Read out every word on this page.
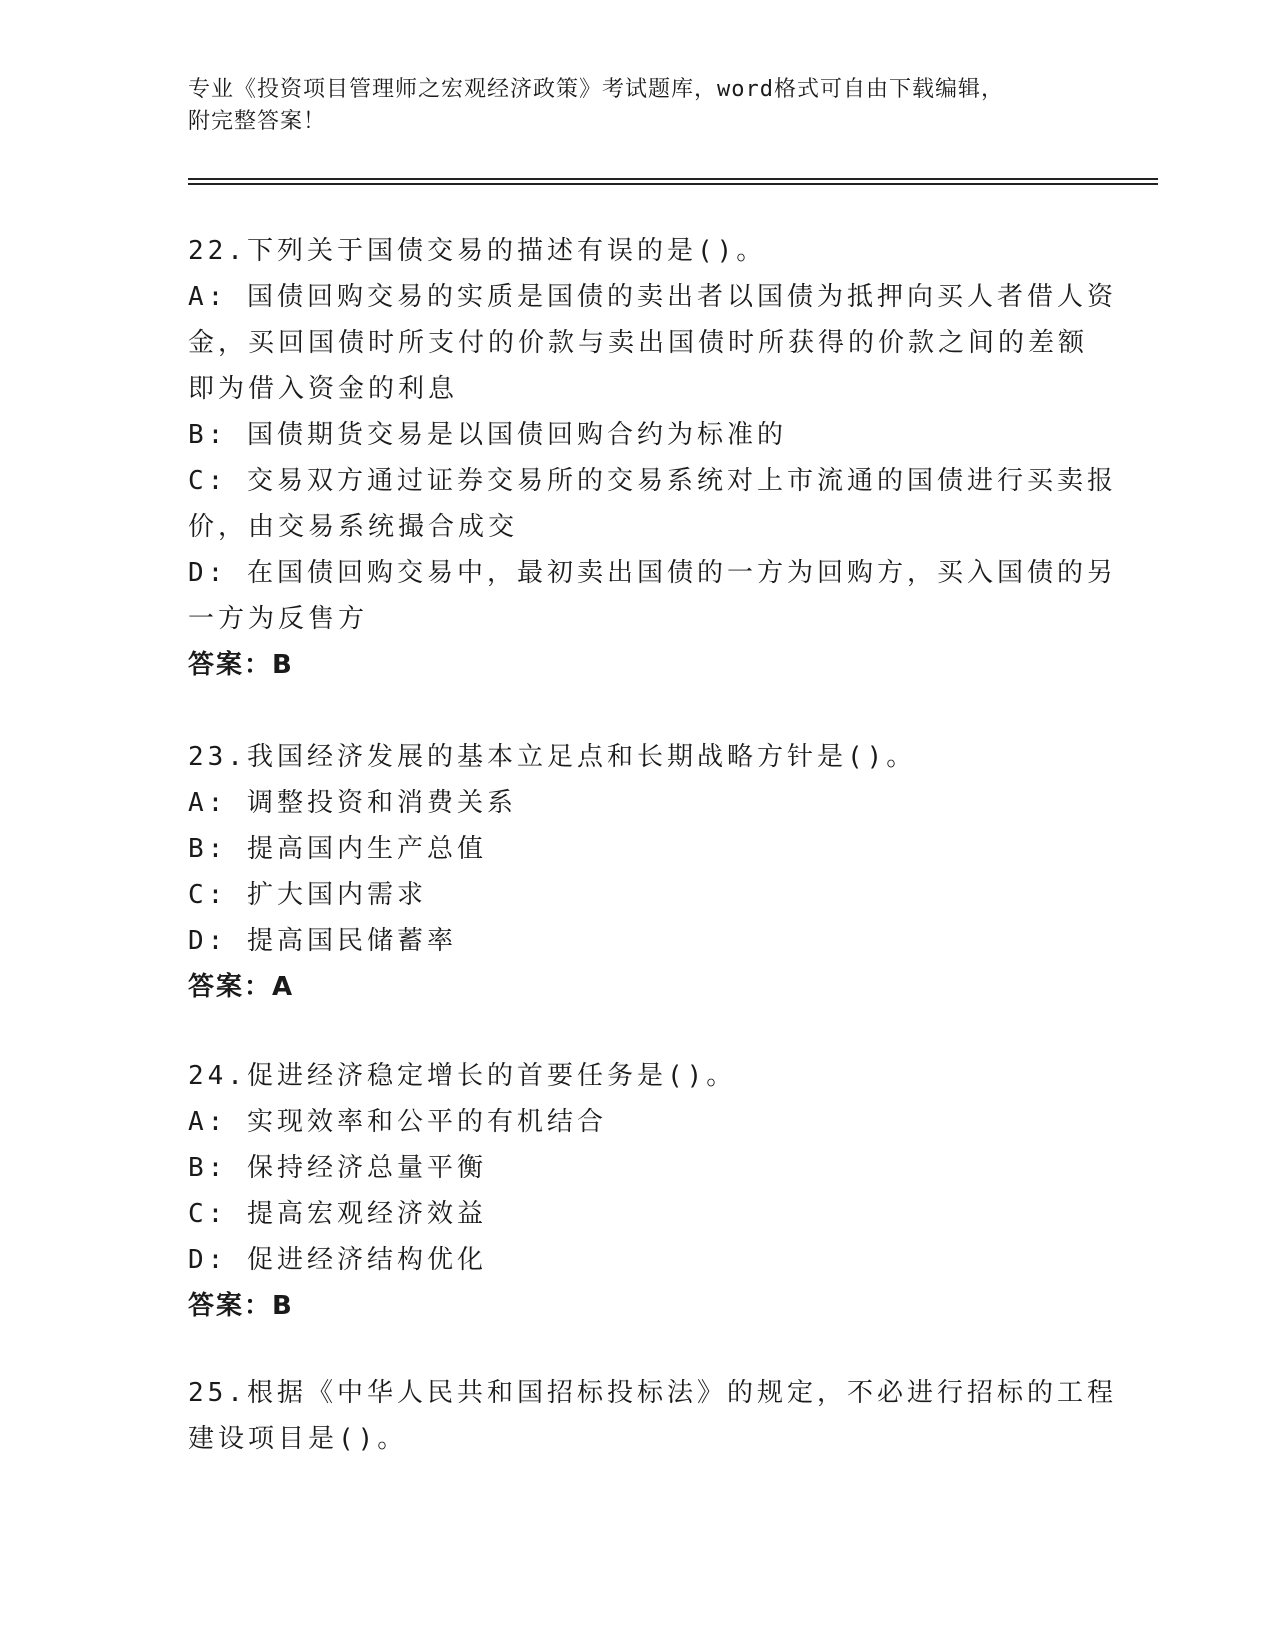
专业《投资项目管理师之宏观经济政策》考试题库，word格式可自由下载编辑，
附完整答案！
22.下列关于国债交易的描述有误的是()。
A: 国债回购交易的实质是国债的卖出者以国债为抵押向买人者借人资
金，买回国债时所支付的价款与卖出国债时所获得的价款之间的差额
即为借入资金的利息
B: 国债期货交易是以国债回购合约为标准的
C: 交易双方通过证券交易所的交易系统对上市流通的国债进行买卖报
价，由交易系统撮合成交
D: 在国债回购交易中，最初卖出国债的一方为回购方，买入国债的另
一方为反售方
答案：B
23.我国经济发展的基本立足点和长期战略方针是()。
A: 调整投资和消费关系
B: 提高国内生产总值
C: 扩大国内需求
D: 提高国民储蓄率
答案：A
24.促进经济稳定增长的首要任务是()。
A: 实现效率和公平的有机结合
B: 保持经济总量平衡
C: 提高宏观经济效益
D: 促进经济结构优化
答案：B
25.根据《中华人民共和国招标投标法》的规定，不必进行招标的工程
建设项目是()。
